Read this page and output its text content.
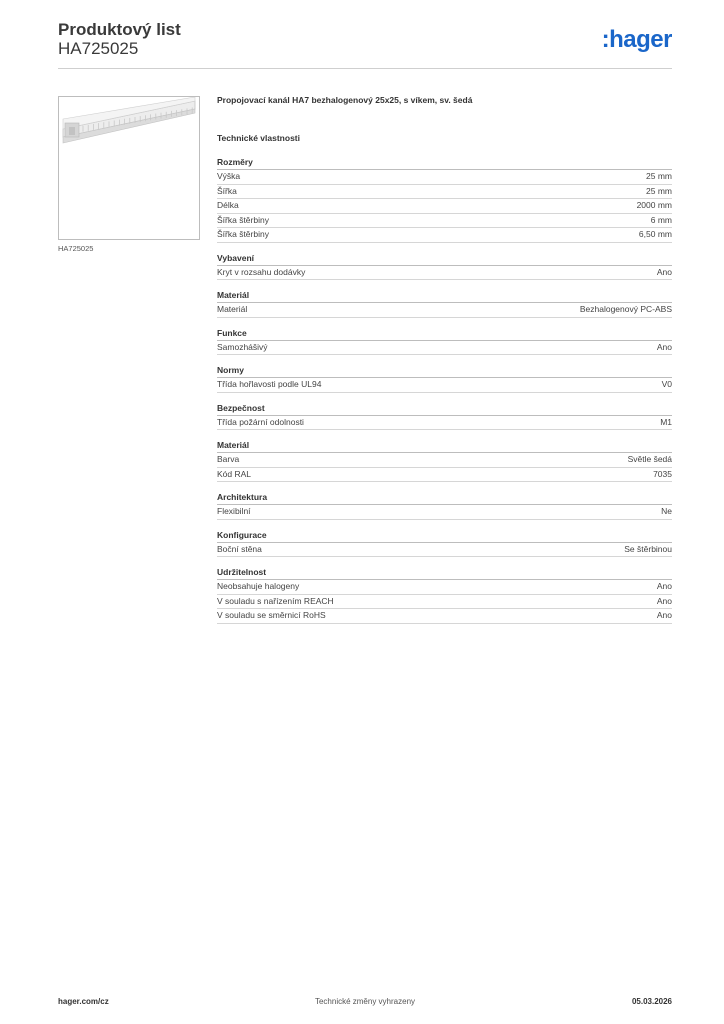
Produktový list
HA725025	:hager
HA725025
Propojovací kanál HA7 bezhalogenový 25x25, s víkem, sv. šedá
Technické vlastnosti
Rozměry
Výška	25 mm
Šířka	25 mm
Délka	2000 mm
Šířka štěrbiny	6 mm
Šířka štěrbiny	6,50 mm
Vybavení
Kryt v rozsahu dodávky	Ano
Materiál
Materiál	Bezhalogenový PC-ABS
Funkce
Samozhášivý	Ano
Normy
Třída hořlavosti podle UL94	V0
Bezpečnost
Třída požární odolnosti	M1
Materiál
Barva	Světle šedá
Kód RAL	7035
Architektura
Flexibilní	Ne
Konfigurace
Boční stěna	Se štěrbinou
Udržitelnost
Neobsahuje halogeny	Ano
V souladu s nařízením REACH	Ano
V souladu se směrnicí RoHS	Ano
hager.com/cz	Technické změny vyhrazeny	05.03.2026
